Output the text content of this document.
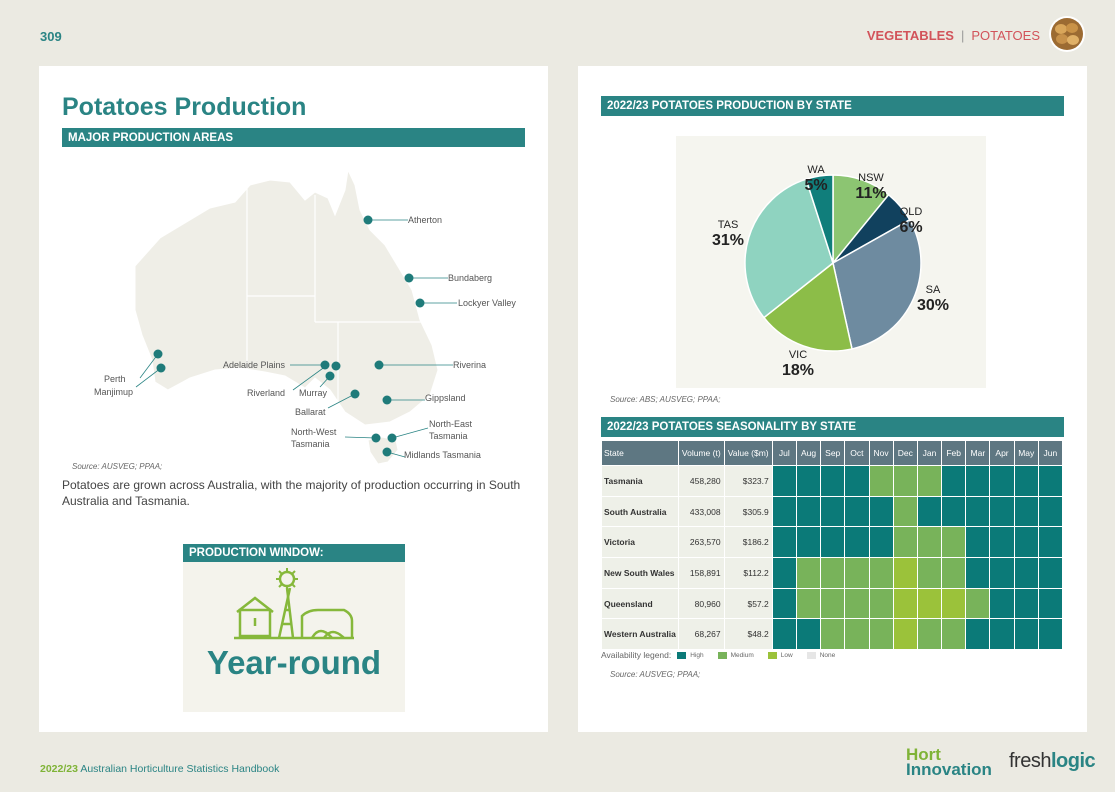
309	VEGETABLES | POTATOES
Potatoes Production
MAJOR PRODUCTION AREAS
Atherton
Bundaberg
Lockyer Valley
Riverina
Gippsland
North-East Tasmania
Midlands Tasmania
North-West Tasmania
Ballarat
Murray
Riverland
Adelaide Plains
Perth
Manjimup
Source: AUSVEG; PPAA;
Potatoes are grown across Australia, with the majority of production occurring in South Australia and Tasmania.
PRODUCTION WINDOW:
Year-round
2022/23 POTATOES PRODUCTION BY STATE
NSW
11%
QLD
6%
SA
30%
VIC
18%
TAS
31%
WA
5%
Source: ABS; AUSVEG; PPAA;
2022/23 POTATOES SEASONALITY BY STATE
State	Volume (t)	Value ($m)	Jul	Aug	Sep	Oct	Nov	Dec	Jan	Feb	Mar	Apr	May	Jun
Tasmania	458,280	$323.7												
South Australia	433,008	$305.9												
Victoria	263,570	$186.2												
New South Wales	158,891	$112.2												
Queensland	80,960	$57.2												
Western Australia	68,267	$48.2												
Availability legend:	High	Medium	Low	None
Source: AUSVEG; PPAA;
2022/23 Australian Horticulture Statistics Handbook
Hort
Innovation freshlogic
